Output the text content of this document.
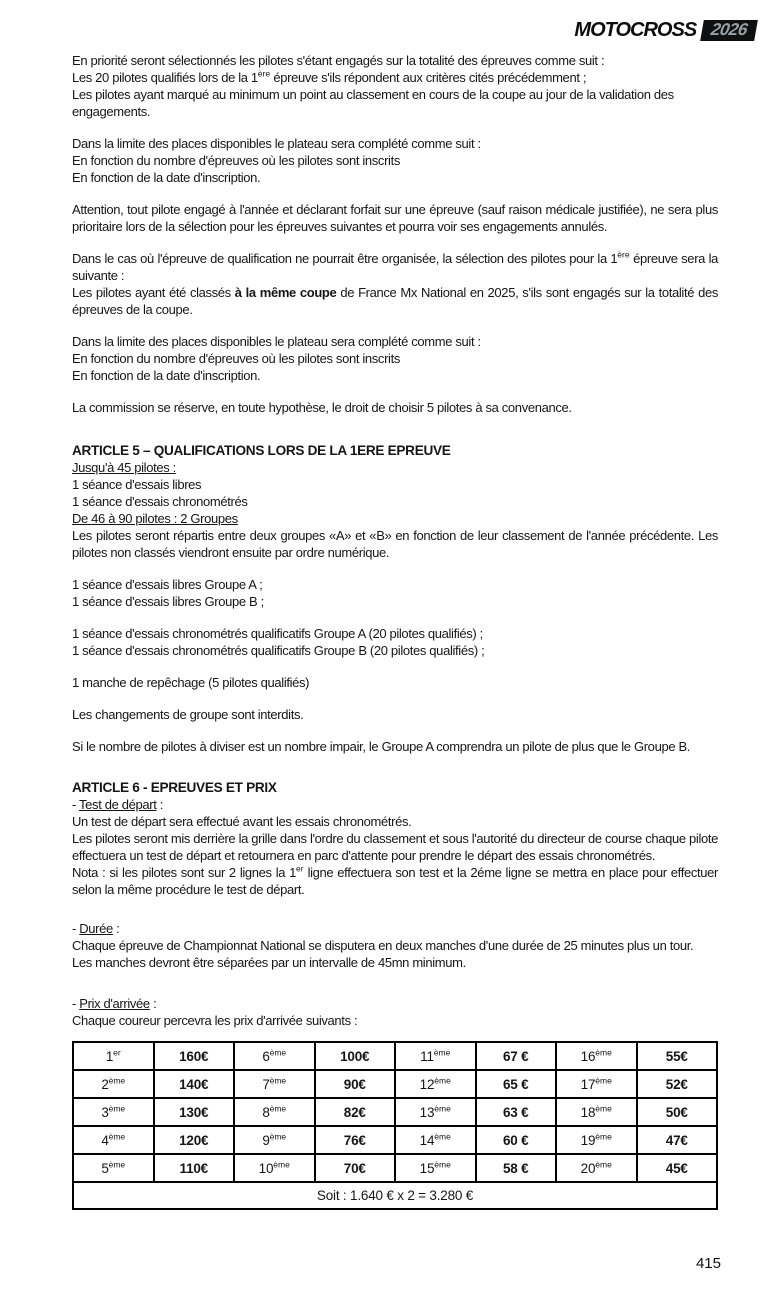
MOTOCROSS 2026

En priorité seront sélectionnés les pilotes s'étant engagés sur la totalité des épreuves comme suit :

Les 20 pilotes qualifiés lors de la 1ère épreuve s'ils répondent aux critères cités précédemment ;

Les pilotes ayant marqué au minimum un point au classement en cours de la coupe au jour de la validation des engagements.

Dans la limite des places disponibles le plateau sera complété comme suit :

En fonction du nombre d'épreuves où les pilotes sont inscrits

En fonction de la date d'inscription.

Attention, tout pilote engagé à l'année et déclarant forfait sur une épreuve (sauf raison médicale justifiée), ne sera plus prioritaire lors de la sélection pour les épreuves suivantes et pourra voir ses engagements annulés.

Dans le cas où l'épreuve de qualification ne pourrait être organisée, la sélection des pilotes pour la 1ère épreuve sera la suivante :

Les pilotes ayant été classés à la même coupe de France Mx National en 2025, s'ils sont engagés sur la totalité des épreuves de la coupe.

Dans la limite des places disponibles le plateau sera complété comme suit :

En fonction du nombre d'épreuves où les pilotes sont inscrits

En fonction de la date d'inscription.

La commission se réserve, en toute hypothèse, le droit de choisir 5 pilotes à sa convenance.

ARTICLE 5 – QUALIFICATIONS LORS DE LA 1ERE EPREUVE

Jusqu'à 45 pilotes :

1 séance d'essais libres

1 séance d'essais chronométrés

De 46 à 90 pilotes : 2 Groupes

Les pilotes seront répartis entre deux groupes «A» et «B» en fonction de leur classement de l'année précédente. Les pilotes non classés viendront ensuite par ordre numérique.

1 séance d'essais libres Groupe A ;

1 séance d'essais libres Groupe B ;

1 séance d'essais chronométrés qualificatifs Groupe A (20 pilotes qualifiés) ;

1 séance d'essais chronométrés qualificatifs Groupe B (20 pilotes qualifiés) ;

1 manche de repêchage (5 pilotes qualifiés)

Les changements de groupe sont interdits.

Si le nombre de pilotes à diviser est un nombre impair, le Groupe A comprendra un pilote de plus que le Groupe B.

ARTICLE 6 - EPREUVES ET PRIX

- Test de départ :

Un test de départ sera effectué avant les essais chronométrés.

Les pilotes seront mis derrière la grille dans l'ordre du classement et sous l'autorité du directeur de course chaque pilote effectuera un test de départ et retournera en parc d'attente pour prendre le départ des essais chronométrés.

Nota : si les pilotes sont sur 2 lignes la 1er ligne effectuera son test et la 2éme ligne se mettra en place pour effectuer selon la même procédure le test de départ.

- Durée :

Chaque épreuve de Championnat National se disputera en deux manches d'une durée de 25 minutes plus un tour.

Les manches devront être séparées par un intervalle de 45mn minimum.

- Prix d'arrivée :

Chaque coureur percevra les prix d'arrivée suivants :

1er	160€	6ème	100€	11ème	67 €	16ème	55€
2ème	140€	7ème	90€	12ème	65 €	17ème	52€
3ème	130€	8ème	82€	13ème	63 €	18ème	50€
4ème	120€	9ème	76€	14ème	60 €	19ème	47€
5ème	110€	10ème	70€	15ème	58 €	20ème	45€
Soit : 1.640 € x 2 = 3.280 €							
415
